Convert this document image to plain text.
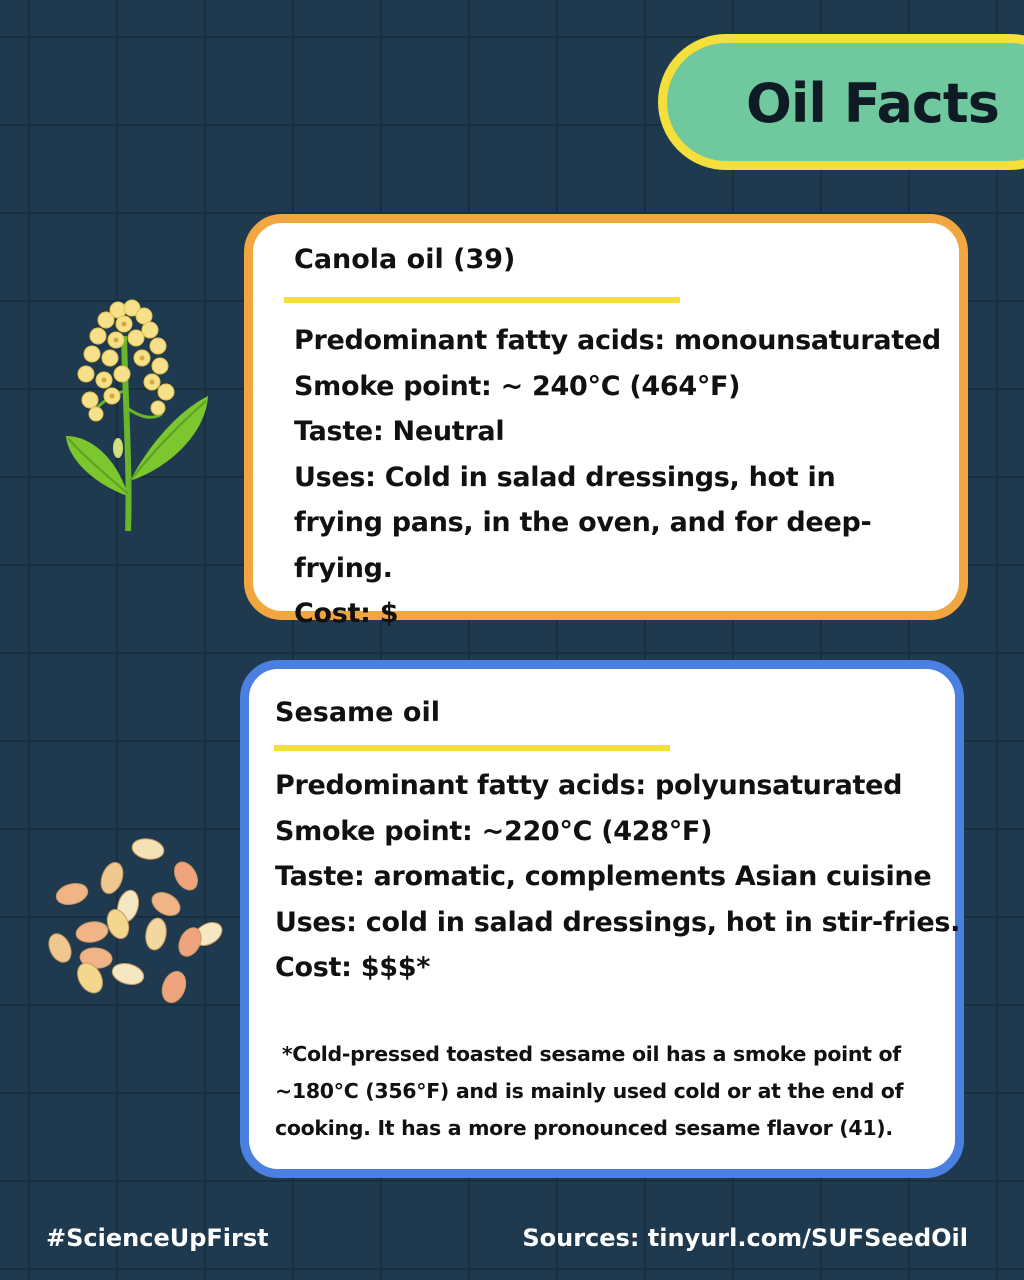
Oil Facts
Canola oil (39)
Predominant fatty acids: monounsaturated
Smoke point: ~ 240°C (464°F)
Taste: Neutral
Uses: Cold in salad dressings, hot in frying pans, in the oven, and for deep-frying.
Cost: $
Sesame oil
Predominant fatty acids: polyunsaturated
Smoke point: ~220°C (428°F)
Taste: aromatic, complements Asian cuisine
Uses: cold in salad dressings, hot in stir-fries.
Cost: $$$*
*Cold-pressed toasted sesame oil has a smoke point of ~180°C (356°F) and is mainly used cold or at the end of cooking. It has a more pronounced sesame flavor (41).
#ScienceUpFirst	Sources: tinyurl.com/SUFSeedOil
